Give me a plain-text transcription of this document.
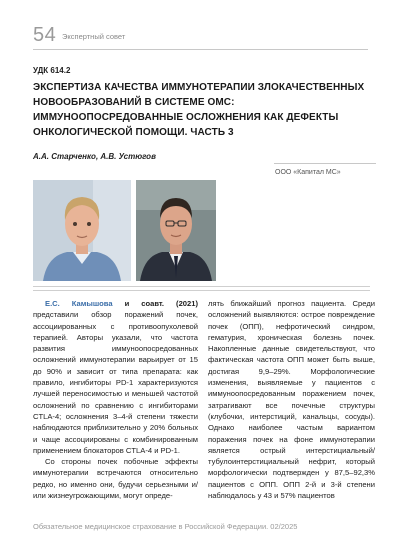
54 Экспертный совет
УДК 614.2
ЭКСПЕРТИЗА КАЧЕСТВА ИММУНОТЕРАПИИ ЗЛОКАЧЕСТВЕННЫХ НОВООБРАЗОВАНИЙ В СИСТЕМЕ ОМС: ИММУНООПОСРЕДОВАННЫЕ ОСЛОЖНЕНИЯ КАК ДЕФЕКТЫ ОНКОЛОГИЧЕСКОЙ ПОМОЩИ. ЧАСТЬ 3
А.А. Старченко, А.В. Устюгов
ООО «Капитал МС»

Е.С. Камышова и соавт. (2021) представили обзор поражений почек, ассоциированных с противоопухолевой терапией. Авторы указали, что частота развития иммуноопосредованных осложнений иммунотерапии варьирует от 15 до 90% и зависит от типа препарата: как правило, ингибиторы PD-1 характеризуются лучшей переносимостью и меньшей частотой осложнений по сравнению с ингибиторами CTLA-4; осложнения 3–4-й степени тяжести наблюдаются приблизительно у 20% больных и чаще ассоциированы с комбинированным применением блокаторов CTLA-4 и PD-1.

Со стороны почек побочные эффекты иммунотерапии встречаются относительно редко, но именно они, будучи серьезными и/или жизнеугрожающими, могут опреде-

лять ближайший прогноз пациента. Среди осложнений выявляются: острое повреждение почек (ОПП), нефротический синдром, гематурия, хроническая болезнь почек. Накопленные данные свидетельствуют, что фактическая частота ОПП может быть выше, достигая 9,9–29%. Морфологические изменения, выявляемые у пациентов с иммуноопосредованным поражением почек, затрагивают все почечные структуры (клубочки, интерстиций, канальцы, сосуды). Однако наиболее частым вариантом поражения почек на фоне иммунотерапии является острый интерстициальный/тубулоинтерстициальный нефрит, который морфологически подтвержден у 87,5–92,3% пациентов с ОПП. ОПП 2-й и 3-й степени наблюдалось у 43 и 57% пациентов

Обязательное медицинское страхование в Российской Федерации. 02/2025
